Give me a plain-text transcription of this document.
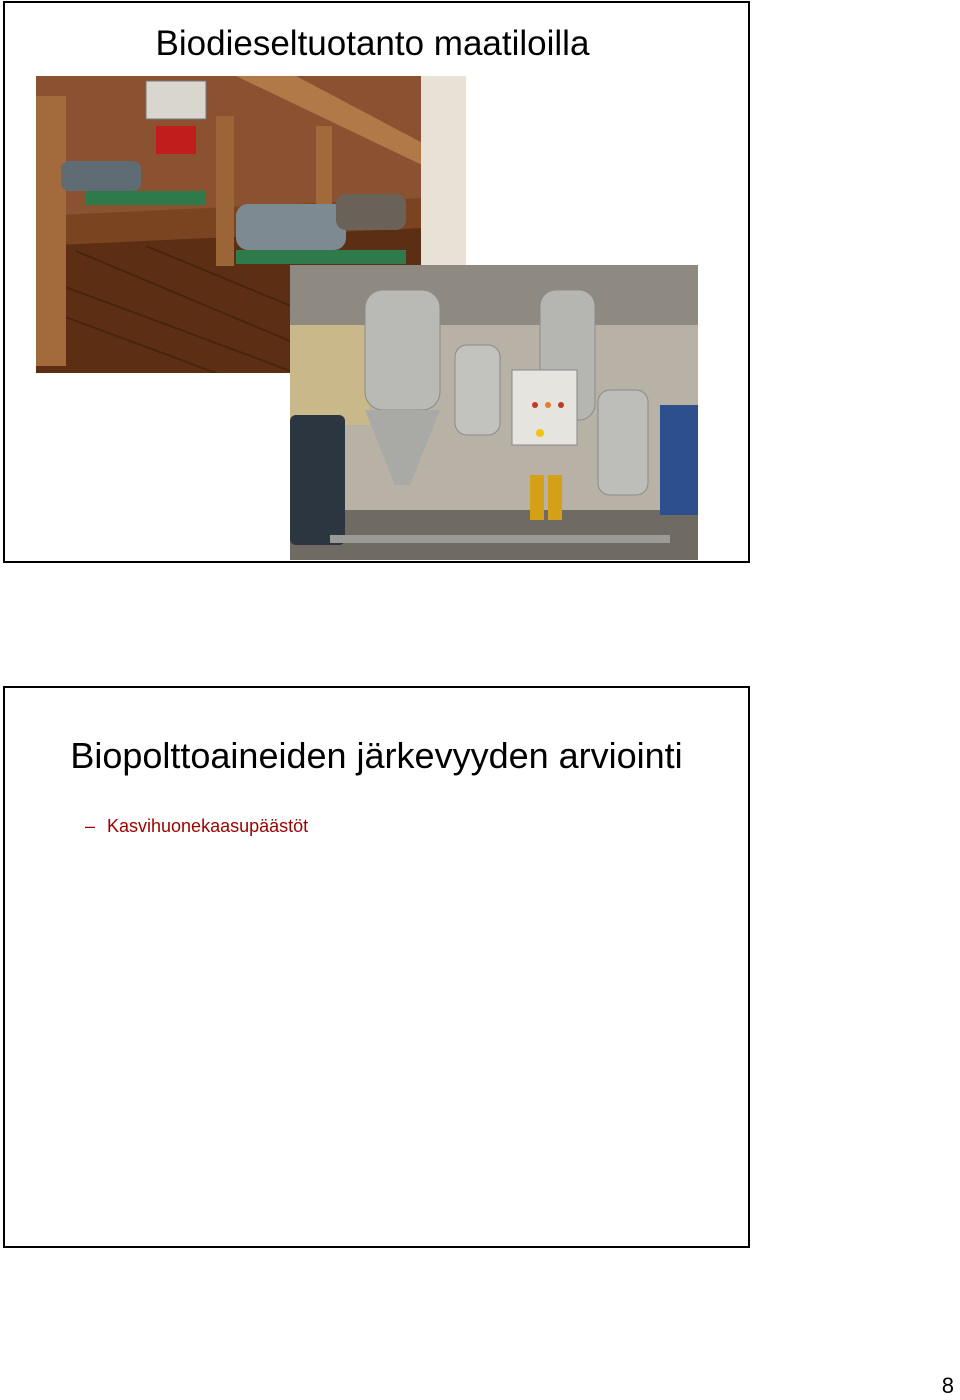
Biodieseltuotanto maatiloilla
Biopolttoaineiden järkevyyden arviointi
– Kasvihuonekaasupäästöt
8
